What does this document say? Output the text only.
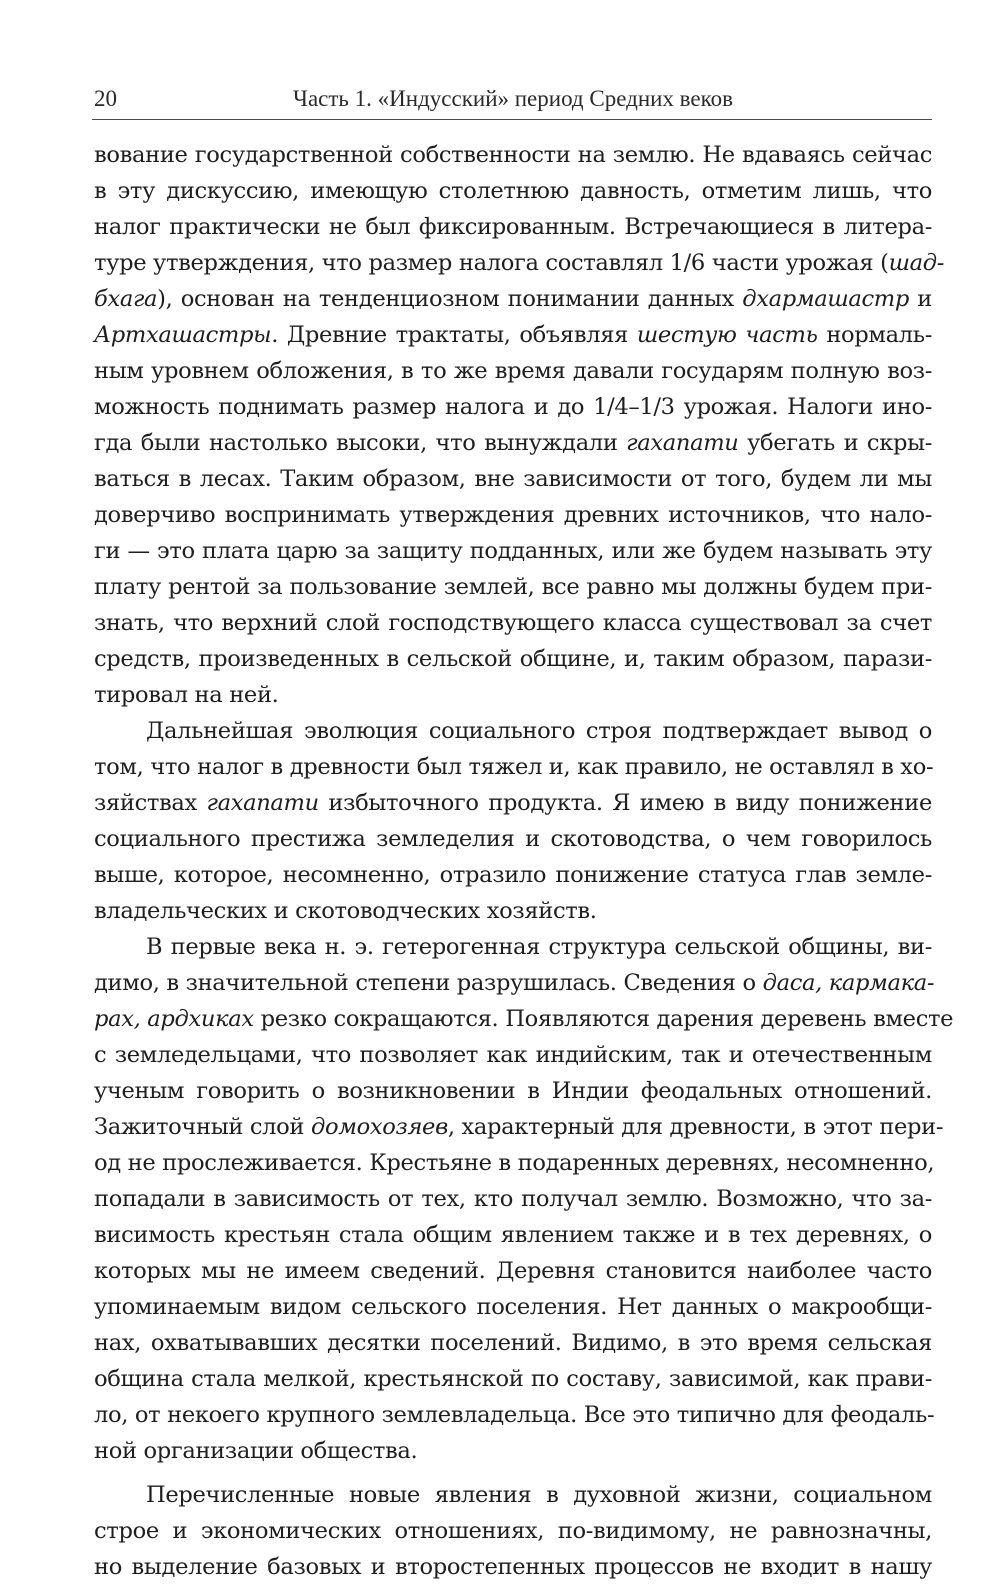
20	Часть 1. «Индусский» период Средних веков
вование государственной собственности на землю. Не вдаваясь сейчас
в эту дискуссию, имеющую столетнюю давность, отметим лишь, что
налог практически не был фиксированным. Встречающиеся в литера-
туре утверждения, что размер налога составлял 1/6 части урожая (шад-
бхага), основан на тенденциозном понимании данных дхармашастр и
Артхашастры. Древние трактаты, объявляя шестую часть нормаль-
ным уровнем обложения, в то же время давали государям полную воз-
можность поднимать размер налога и до 1/4–1/3 урожая. Налоги ино-
гда были настолько высоки, что вынуждали гахапати убегать и скры-
ваться в лесах. Таким образом, вне зависимости от того, будем ли мы
доверчиво воспринимать утверждения древних источников, что нало-
ги — это плата царю за защиту подданных, или же будем называть эту
плату рентой за пользование землей, все равно мы должны будем при-
знать, что верхний слой господствующего класса существовал за счет
средств, произведенных в сельской общине, и, таким образом, парази-
тировал на ней.
Дальнейшая эволюция социального строя подтверждает вывод о
том, что налог в древности был тяжел и, как правило, не оставлял в хо-
зяйствах гахапати избыточного продукта. Я имею в виду понижение
социального престижа земледелия и скотоводства, о чем говорилось
выше, которое, несомненно, отразило понижение статуса глав земле-
владельческих и скотоводческих хозяйств.
В первые века н. э. гетерогенная структура сельской общины, ви-
димо, в значительной степени разрушилась. Сведения о даса, кармака-
рах, ардхиках резко сокращаются. Появляются дарения деревень вместе
с земледельцами, что позволяет как индийским, так и отечественным
ученым говорить о возникновении в Индии феодальных отношений.
Зажиточный слой домохозяев, характерный для древности, в этот пери-
од не прослеживается. Крестьяне в подаренных деревнях, несомненно,
попадали в зависимость от тех, кто получал землю. Возможно, что за-
висимость крестьян стала общим явлением также и в тех деревнях, о
которых мы не имеем сведений. Деревня становится наиболее часто
упоминаемым видом сельского поселения. Нет данных о макрообщи-
нах, охватывавших десятки поселений. Видимо, в это время сельская
община стала мелкой, крестьянской по составу, зависимой, как прави-
ло, от некоего крупного землевладельца. Все это типично для феодаль-
ной организации общества.
Перечисленные новые явления в духовной жизни, социальном
строе и экономических отношениях, по-видимому, не равнозначны,
но выделение базовых и второстепенных процессов не входит в нашу
